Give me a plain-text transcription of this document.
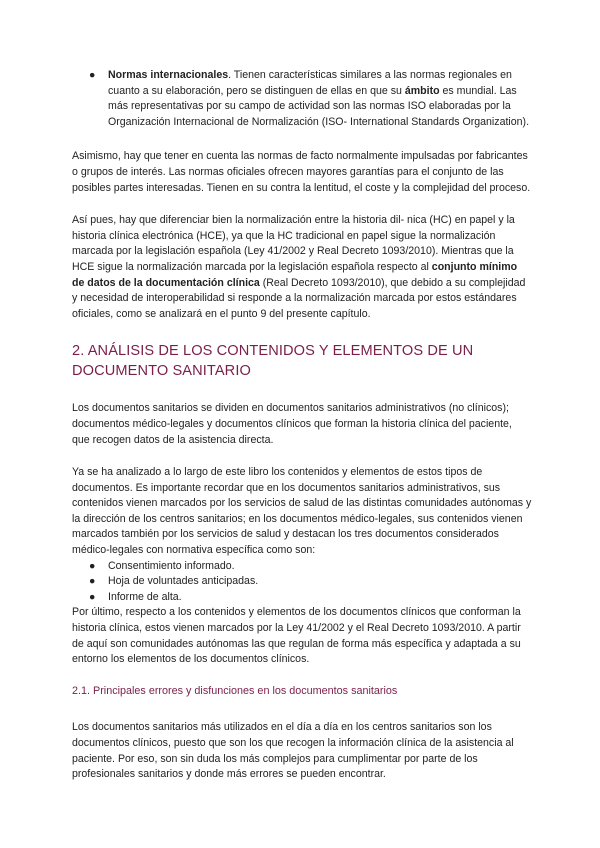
● Normas internacionales. Tienen características similares a las normas regionales en cuanto a su elaboración, pero se distinguen de ellas en que su ámbito es mundial. Las más representativas por su campo de actividad son las normas ISO elaboradas por la Organización Internacional de Normalización (ISO- International Standards Organization).

Asimismo, hay que tener en cuenta las normas de facto normalmente impulsadas por fabricantes o grupos de interés. Las normas oficiales ofrecen mayores garantías para el conjunto de las posibles partes interesadas. Tienen en su contra la lentitud, el coste y la complejidad del proceso.

Así pues, hay que diferenciar bien la normalización entre la historia dil- nica (HC) en papel y la historia clínica electrónica (HCE), ya que la HC tradicional en papel sigue la normalización marcada por la legislación española (Ley 41/2002 y Real Decreto 1093/2010). Mientras que la HCE sigue la normalización marcada por la legislación española respecto al conjunto mínimo de datos de la documentación clínica (Real Decreto 1093/2010), que debido a su complejidad y necesidad de interoperabilidad si responde a la normalización marcada por estos estándares oficiales, como se analizará en el punto 9 del presente capítulo.

2. ANÁLISIS DE LOS CONTENIDOS Y ELEMENTOS DE UN DOCUMENTO SANITARIO

Los documentos sanitarios se dividen en documentos sanitarios administrativos (no clínicos); documentos médico-legales y documentos clínicos que forman la historia clínica del paciente, que recogen datos de la asistencia directa.

Ya se ha analizado a lo largo de este libro los contenidos y elementos de estos tipos de documentos. Es importante recordar que en los documentos sanitarios administrativos, sus contenidos vienen marcados por los servicios de salud de las distintas comunidades autónomas y la dirección de los centros sanitarios; en los documentos médico-legales, sus contenidos vienen marcados también por los servicios de salud y destacan los tres documentos considerados médico-legales con normativa específica como son:

● Consentimiento informado.
● Hoja de voluntades anticipadas.
● Informe de alta.

Por último, respecto a los contenidos y elementos de los documentos clínicos que conforman la historia clínica, estos vienen marcados por la Ley 41/2002 y el Real Decreto 1093/2010. A partir de aquí son comunidades autónomas las que regulan de forma más específica y adaptada a su entorno los elementos de los documentos clínicos.

2.1. Principales errores y disfunciones en los documentos sanitarios

Los documentos sanitarios más utilizados en el día a día en los centros sanitarios son los documentos clínicos, puesto que son los que recogen la información clínica de la asistencia al paciente. Por eso, son sin duda los más complejos para cumplimentar por parte de los profesionales sanitarios y donde más errores se pueden encontrar.
